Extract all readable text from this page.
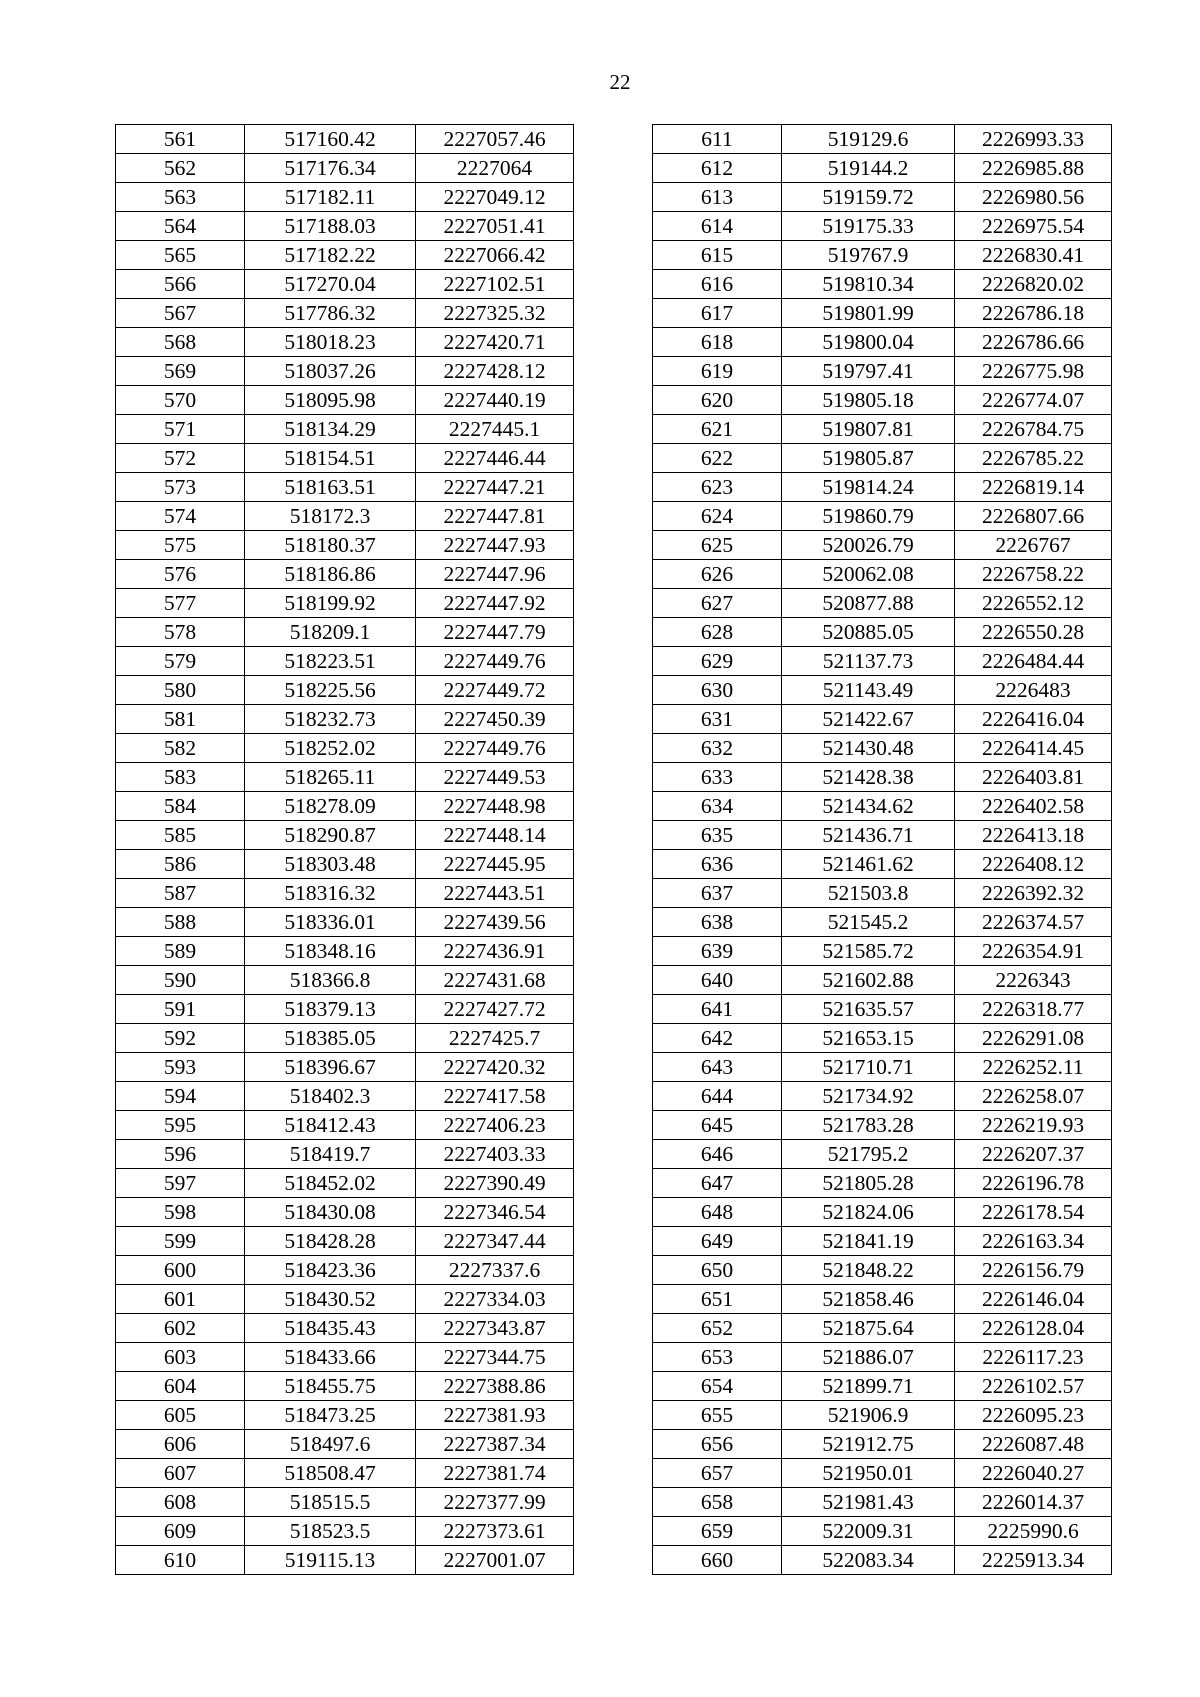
22
561	517160.42	2227057.46
562	517176.34	2227064
563	517182.11	2227049.12
564	517188.03	2227051.41
565	517182.22	2227066.42
566	517270.04	2227102.51
567	517786.32	2227325.32
568	518018.23	2227420.71
569	518037.26	2227428.12
570	518095.98	2227440.19
571	518134.29	2227445.1
572	518154.51	2227446.44
573	518163.51	2227447.21
574	518172.3	2227447.81
575	518180.37	2227447.93
576	518186.86	2227447.96
577	518199.92	2227447.92
578	518209.1	2227447.79
579	518223.51	2227449.76
580	518225.56	2227449.72
581	518232.73	2227450.39
582	518252.02	2227449.76
583	518265.11	2227449.53
584	518278.09	2227448.98
585	518290.87	2227448.14
586	518303.48	2227445.95
587	518316.32	2227443.51
588	518336.01	2227439.56
589	518348.16	2227436.91
590	518366.8	2227431.68
591	518379.13	2227427.72
592	518385.05	2227425.7
593	518396.67	2227420.32
594	518402.3	2227417.58
595	518412.43	2227406.23
596	518419.7	2227403.33
597	518452.02	2227390.49
598	518430.08	2227346.54
599	518428.28	2227347.44
600	518423.36	2227337.6
601	518430.52	2227334.03
602	518435.43	2227343.87
603	518433.66	2227344.75
604	518455.75	2227388.86
605	518473.25	2227381.93
606	518497.6	2227387.34
607	518508.47	2227381.74
608	518515.5	2227377.99
609	518523.5	2227373.61
610	519115.13	2227001.07
611	519129.6	2226993.33
612	519144.2	2226985.88
613	519159.72	2226980.56
614	519175.33	2226975.54
615	519767.9	2226830.41
616	519810.34	2226820.02
617	519801.99	2226786.18
618	519800.04	2226786.66
619	519797.41	2226775.98
620	519805.18	2226774.07
621	519807.81	2226784.75
622	519805.87	2226785.22
623	519814.24	2226819.14
624	519860.79	2226807.66
625	520026.79	2226767
626	520062.08	2226758.22
627	520877.88	2226552.12
628	520885.05	2226550.28
629	521137.73	2226484.44
630	521143.49	2226483
631	521422.67	2226416.04
632	521430.48	2226414.45
633	521428.38	2226403.81
634	521434.62	2226402.58
635	521436.71	2226413.18
636	521461.62	2226408.12
637	521503.8	2226392.32
638	521545.2	2226374.57
639	521585.72	2226354.91
640	521602.88	2226343
641	521635.57	2226318.77
642	521653.15	2226291.08
643	521710.71	2226252.11
644	521734.92	2226258.07
645	521783.28	2226219.93
646	521795.2	2226207.37
647	521805.28	2226196.78
648	521824.06	2226178.54
649	521841.19	2226163.34
650	521848.22	2226156.79
651	521858.46	2226146.04
652	521875.64	2226128.04
653	521886.07	2226117.23
654	521899.71	2226102.57
655	521906.9	2226095.23
656	521912.75	2226087.48
657	521950.01	2226040.27
658	521981.43	2226014.37
659	522009.31	2225990.6
660	522083.34	2225913.34
